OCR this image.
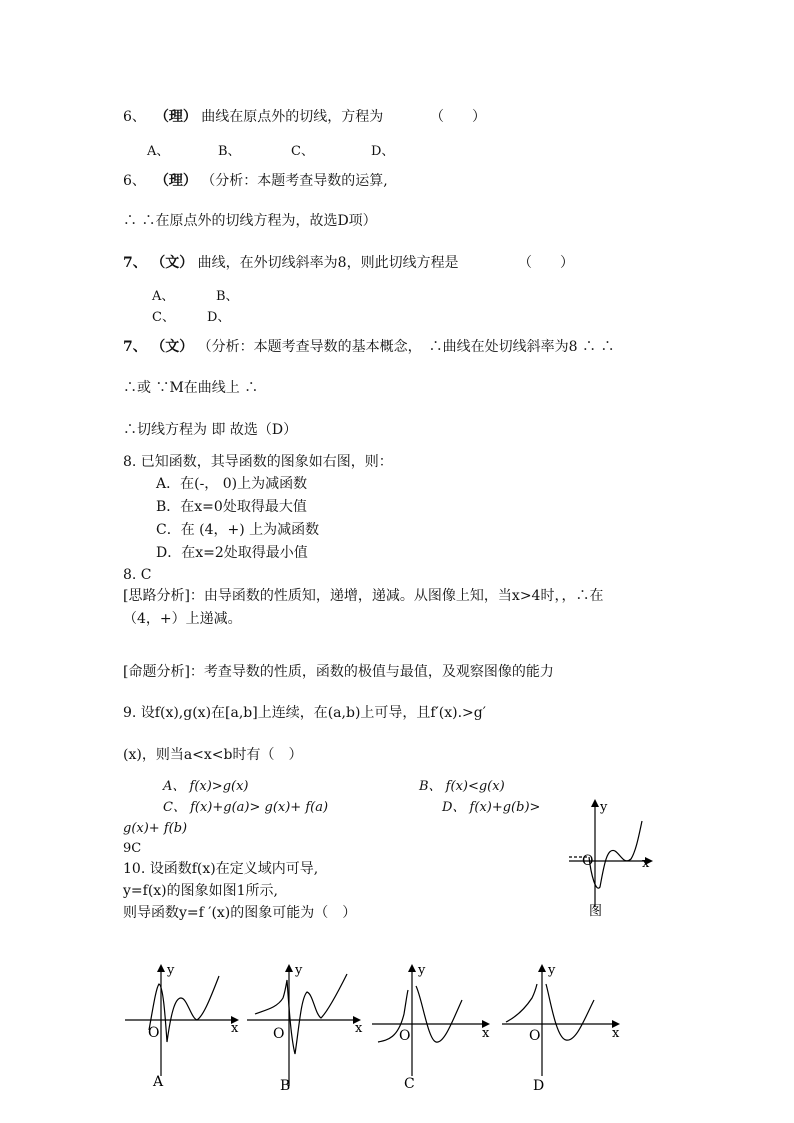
6、 （理） 曲线在原点外的切线，方程为	（　　）
A、	B、	C、	D、
6、 （理） （分析：本题考查导数的运算,
∴ ∴在原点外的切线方程为，故选D项）
7、 （文） 曲线，在外切线斜率为8，则此切线方程是	（　　）
A、	B、
C、 D、
7、 （文） （分析：本题考查导数的基本概念，　∴曲线在处切线斜率为8 ∴ ∴
∴或 ∵M在曲线上 ∴
∴切线方程为 即 故选（D）
8. 已知函数，其导函数的图象如右图，则：
A．在(-， 0)上为减函数
B．在x=0处取得最大值
C．在 (4，+) 上为减函数
D．在x=2处取得最小值
8. C
[思路分析]：由导函数的性质知，递增，递减。从图像上知，当x>4时，，∴在
（4，+）上递减。
[命题分析]：考查导数的性质，函数的极值与最值，及观察图像的能力
9. 设f(x),g(x)在[a,b]上连续，在(a,b)上可导，且f′(x).>g′
(x)，则当a<x<b时有（　）
A、 f(x)>g(x)	B、 f(x)<g(x)
C、 f(x)+g(a)> g(x)+ f(a)	D、 f(x)+g(b)>
g(x)+ f(b)
9C
10. 设函数f(x)在定义域内可导,
y=f(x)的图象如图1所示,
则导函数y=f ′(x)的图象可能为（　）
y
x
O
图
y
x
O
A
y
x
O
B
y
x
O
C
y
x
O
D
